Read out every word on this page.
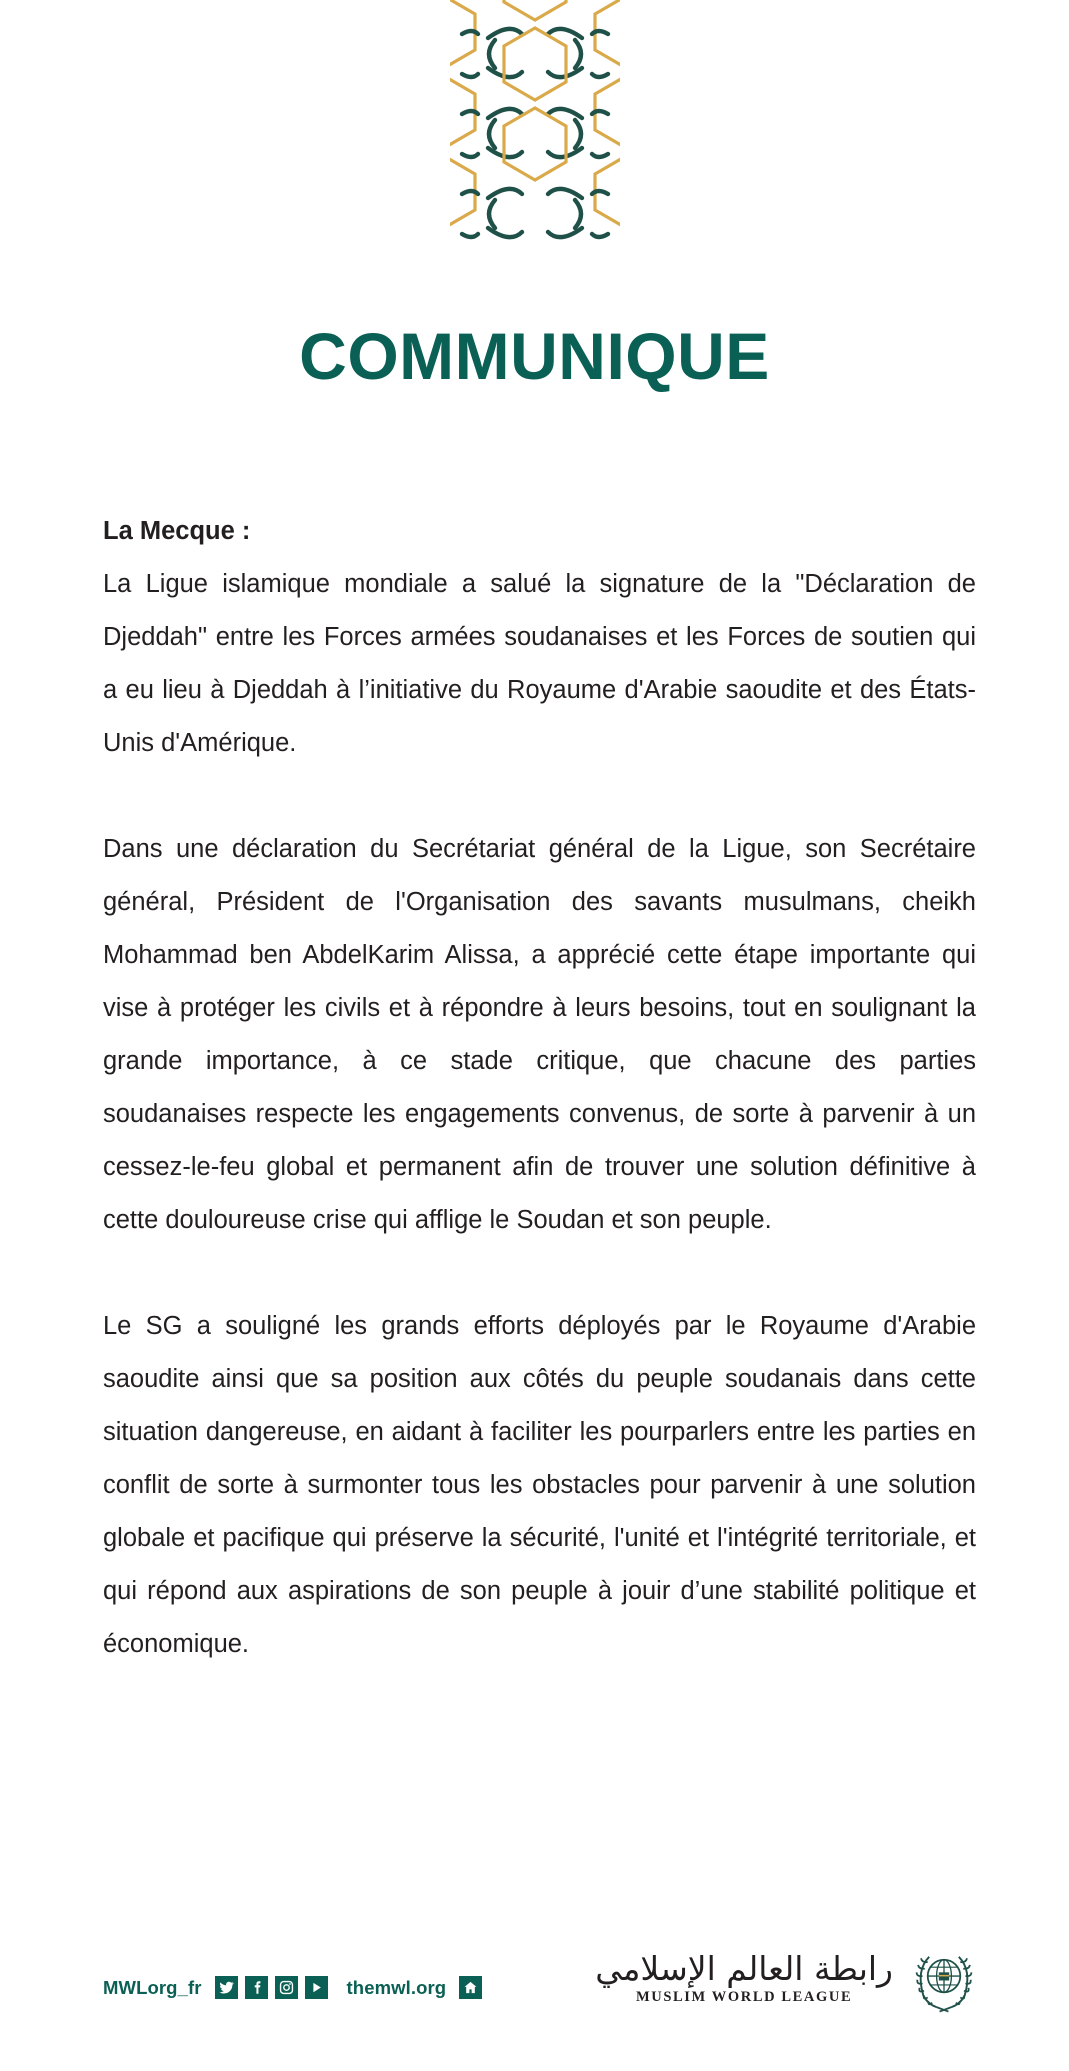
COMMUNIQUE

La Mecque :
La Ligue islamique mondiale a salué la signature de la "Déclaration de Djeddah" entre les Forces armées soudanaises et les Forces de soutien qui a eu lieu à Djeddah à l’initiative du Royaume d'Arabie saoudite et des États-Unis d'Amérique.

Dans une déclaration du Secrétariat général de la Ligue, son Secrétaire général, Président de l'Organisation des savants musulmans, cheikh Mohammad ben AbdelKarim Alissa, a apprécié cette étape importante qui vise à protéger les civils et à répondre à leurs besoins, tout en soulignant la grande importance, à ce stade critique, que chacune des parties soudanaises respecte les engagements convenus, de sorte à parvenir à un cessez-le-feu global et permanent afin de trouver une solution définitive à cette douloureuse crise qui afflige le Soudan et son peuple.

Le SG a souligné les grands efforts déployés par le Royaume d'Arabie saoudite ainsi que sa position aux côtés du peuple soudanais dans cette situation dangereuse, en aidant à faciliter les pourparlers entre les parties en conflit de sorte à surmonter tous les obstacles pour parvenir à une solution globale et pacifique qui préserve la sécurité, l'unité et l'intégrité territoriale, et qui répond aux aspirations de son peuple à jouir d’une stabilité politique et économique.

MWLorg_fr	themwl.org	رابطة العالم الإسلامي
MUSLIM WORLD LEAGUE
